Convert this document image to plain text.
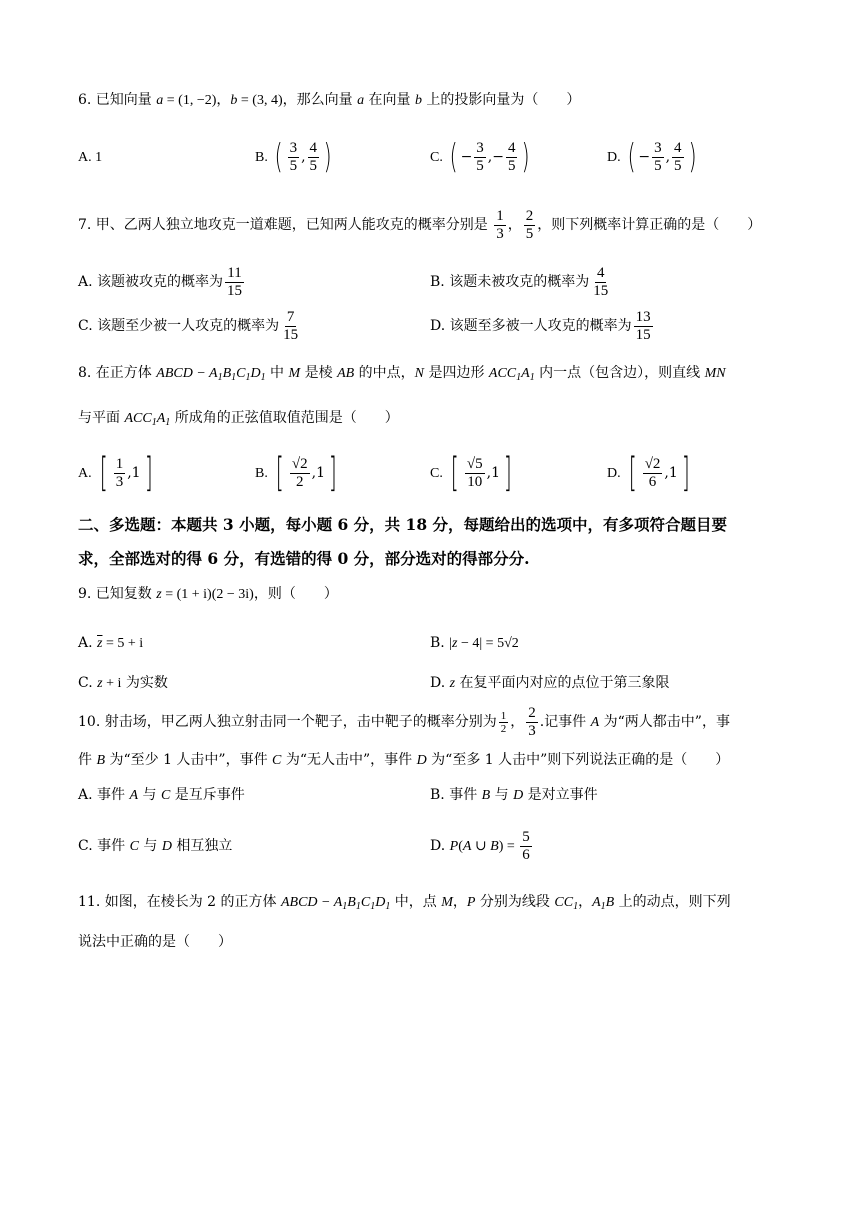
6. 已知向量 a = (1, −2)，b = (3, 4)，那么向量 a 在向量 b 上的投影向量为（　　）
A. 1	B. ( $\frac{3}{5}$ , $\frac{4}{5}$ )	C. ( − $\frac{3}{5}$ ,− $\frac{4}{5}$ )	D. ( − $\frac{3}{5}$ , $\frac{4}{5}$ )
7. 甲、乙两人独立地攻克一道难题，已知两人能攻克的概率分别是 $\frac{1}{3}$ ， $\frac{2}{5}$ ，则下列概率计算正确的是（　　）
A. 该题被攻克的概率为 $\frac{11}{15}$	B. 该题未被攻克的概率为 $\frac{4}{15}$
C. 该题至少被一人攻克的概率为 $\frac{7}{15}$	D. 该题至多被一人攻克的概率为 $\frac{13}{15}$
8. 在正方体 ABCD − $A_1B_1C_1D_1$ 中 M 是棱 AB 的中点，N 是四边形 $ACC_1A_1$ 内一点（包含边），则直线 MN
与平面 $ACC_1A_1$ 所成角的正弦值取值范围是（　　）
A. [ $\frac{1}{3} ,1$]	B. [ $\frac{√2}{2} ,1$]	C. [ $\frac{√5}{10} ,1$]	D. [ $\frac{√2}{6} ,1$]
二、多选题：本题共 3 小题，每小题 6 分，共 18 分，每题给出的选项中，有多项符合题目要
求，全部选对的得 6 分，有选错的得 0 分，部分选对的得部分分.
9. 已知复数 z = (1 + i)(2 − 3i)，则（　　）
A. $\overline{z} = 5 + i$	B. |z − 4| = 5√2
C. z + i 为实数	D. z 在复平面内对应的点位于第三象限
10. 射击场，甲乙两人独立射击同一个靶子，击中靶子的概率分别为 $\frac{1}{2}$ ， $\frac{2}{3}$ .记事件 A 为“两人都击中”，事
件 B 为“至少 1 人击中”，事件 C 为“无人击中”，事件 D 为“至多 1 人击中”则下列说法正确的是（　　）
A. 事件 A 与 C 是互斥事件	B. 事件 B 与 D 是对立事件
C. 事件 C 与 D 相互独立	D. P(A ∪ $B) = \frac{5}{6}$
11. 如图，在棱长为 2 的正方体 ABCD − $A_1B_1C_1D_1$ 中，点 M，P 分别为线段 $CC_1$，$A_1B$ 上的动点，则下列
说法中正确的是（　　）
